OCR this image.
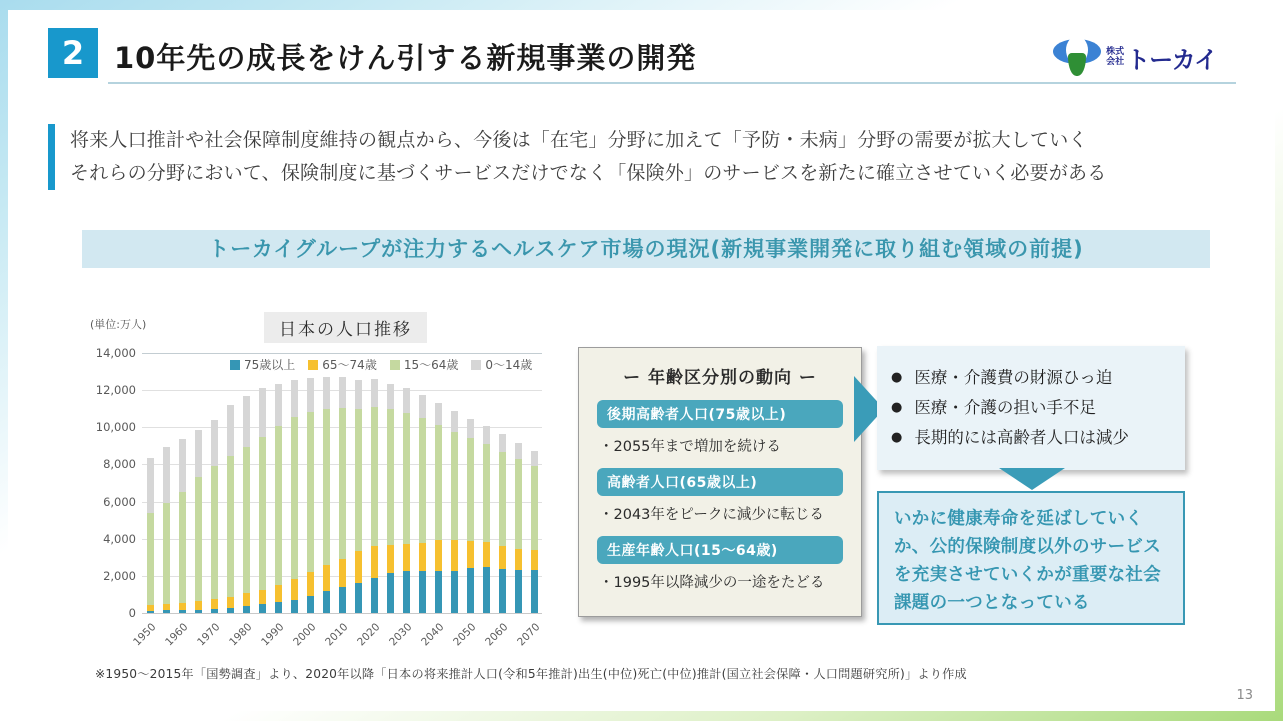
2	10年先の成長をけん引する新規事業の開発	株式
会社 トーカイ
将来人口推計や社会保障制度維持の観点から、今後は「在宅」分野に加えて「予防・未病」分野の需要が拡大していく
それらの分野において、保険制度に基づくサービスだけでなく「保険外」のサービスを新たに確立させていく必要がある
トーカイグループが注力するヘルスケア市場の現況(新規事業開発に取り組む領域の前提)
(単位:万人)	日本の人口推移
75歳以上 65〜74歳 15〜64歳 0〜14歳
0
2,000
4,000
6,000
8,000
10,000
12,000
14,000
1950 1960 1970 1980 1990 2000 2010 2020 2030 2040 2050 2060 2070
ー 年齢区分別の動向 ー
後期高齢者人口(75歳以上)
・2055年まで増加を続ける
高齢者人口(65歳以上)
・2043年をピークに減少に転じる
生産年齢人口(15〜64歳)
・1995年以降減少の一途をたどる
● 医療・介護費の財源ひっ迫
● 医療・介護の担い手不足
● 長期的には高齢者人口は減少
いかに健康寿命を延ばしていくか、公的保険制度以外のサービスを充実させていくかが重要な社会課題の一つとなっている
※1950〜2015年「国勢調査」より、2020年以降「日本の将来推計人口(令和5年推計)出生(中位)死亡(中位)推計(国立社会保障・人口問題研究所)」より作成
13
